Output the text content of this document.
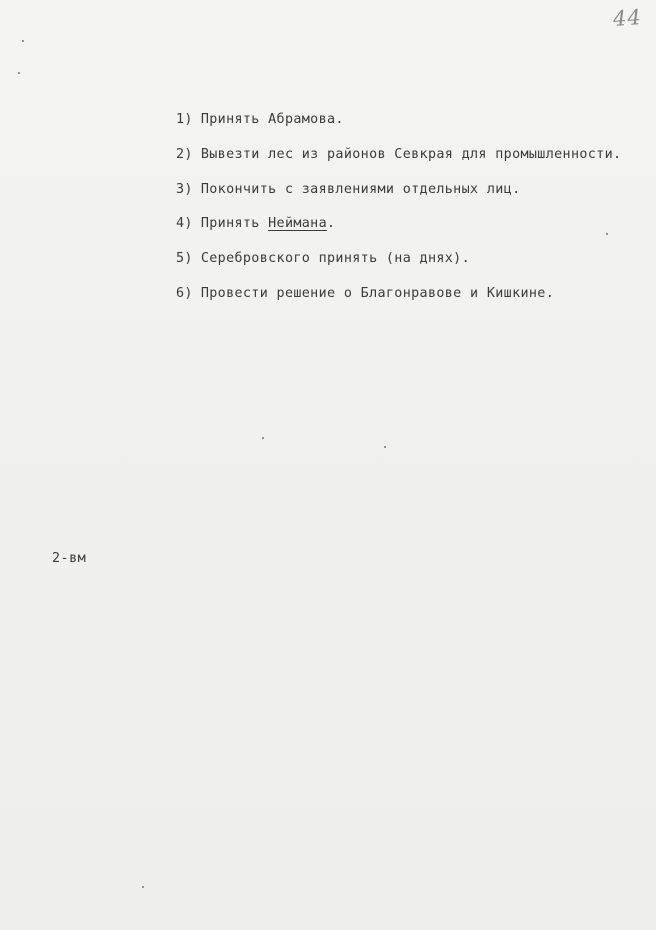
44
1) Принять Абрамова.
2) Вывезти лес из районов Севкрая для промышленности.
3) Покончить с заявлениями отдельных лиц.
4) Принять Неймана.
5) Серебровского принять (на днях).
6) Провести решение о Благонравове и Кишкине.
2-вм
